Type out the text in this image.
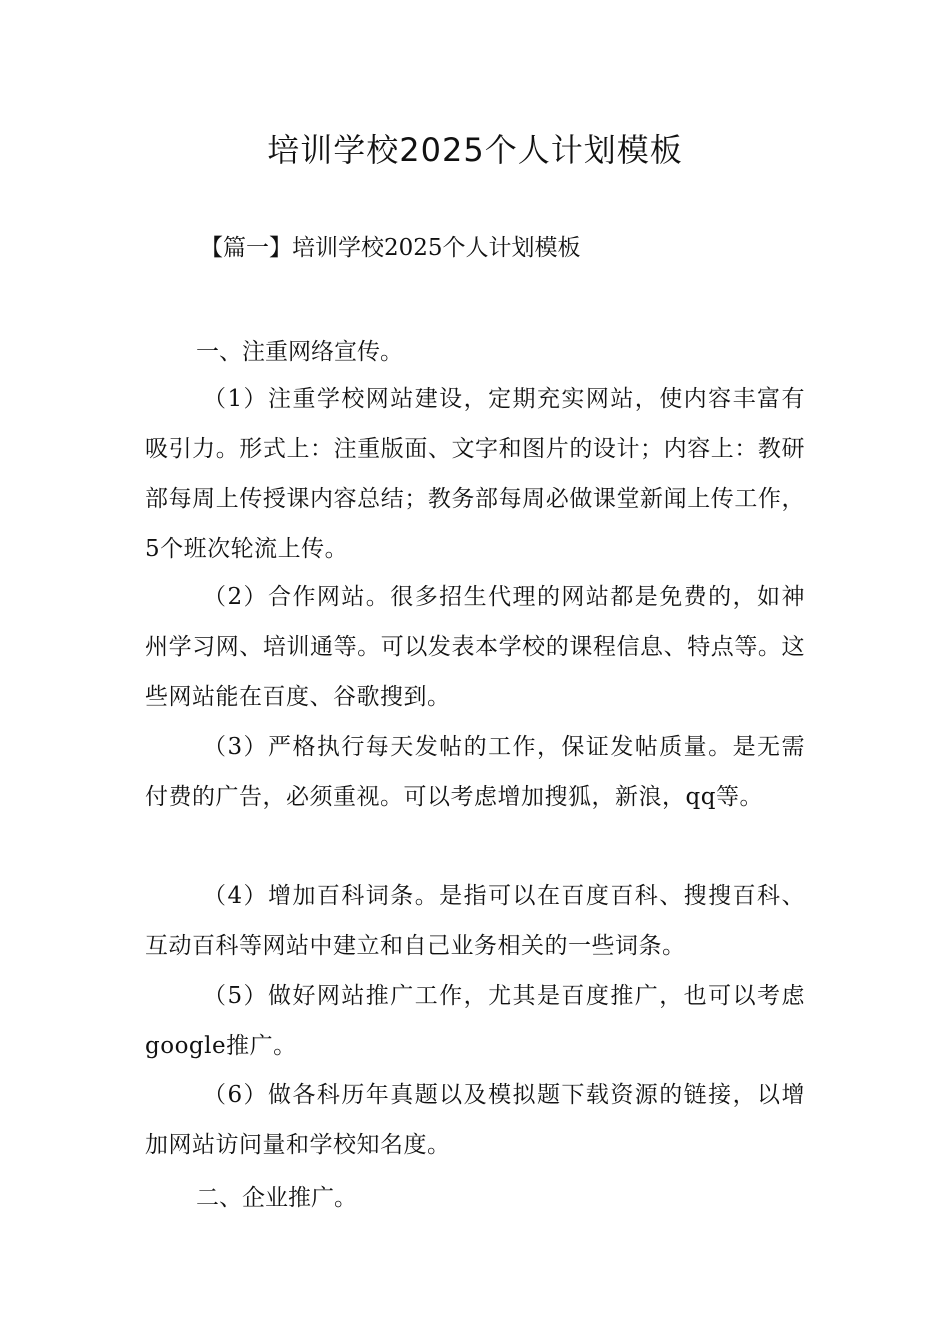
培训学校2025个人计划模板

【篇一】培训学校2025个人计划模板

一、注重网络宣传。

（1）注重学校网站建设，定期充实网站，使内容丰富有吸引力。形式上：注重版面、文字和图片的设计；内容上：教研部每周上传授课内容总结；教务部每周必做课堂新闻上传工作，5个班次轮流上传。

（2）合作网站。很多招生代理的网站都是免费的，如神州学习网、培训通等。可以发表本学校的课程信息、特点等。这些网站能在百度、谷歌搜到。

（3）严格执行每天发帖的工作，保证发帖质量。是无需付费的广告，必须重视。可以考虑增加搜狐，新浪，qq等。

（4）增加百科词条。是指可以在百度百科、搜搜百科、互动百科等网站中建立和自己业务相关的一些词条。

（5）做好网站推广工作，尤其是百度推广，也可以考虑google推广。

（6）做各科历年真题以及模拟题下载资源的链接，以增加网站访问量和学校知名度。

二、企业推广。
